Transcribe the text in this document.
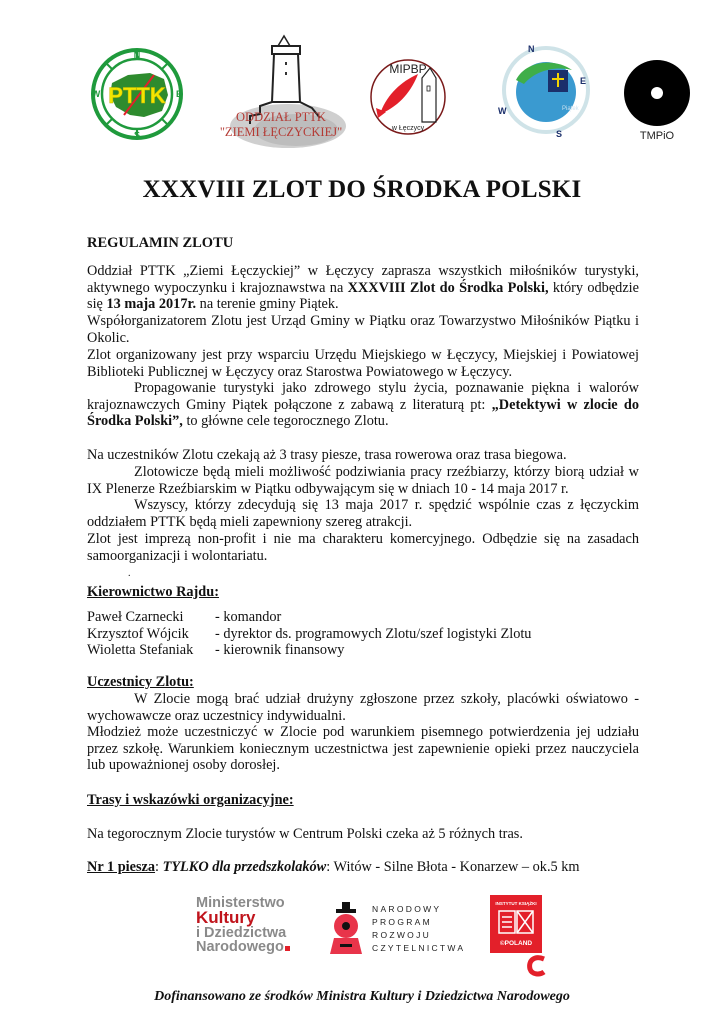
PTTK
N
E
S
W
ODDZIAŁ PTTK
"ZIEMI ŁĘCZYCKIEJ"
MIPBP
w Łęczycy
N
E
S
W	Piątek
TMPiO
XXXVIII ZLOT DO ŚRODKA POLSKI
REGULAMIN ZLOTU
Oddział PTTK „Ziemi Łęczyckiej” w Łęczycy zaprasza wszystkich miłośników turystyki, aktywnego wypoczynku i krajoznawstwa na XXXVIII Zlot do Środka Polski, który odbędzie się 13 maja 2017r. na terenie gminy Piątek.
Współorganizatorem Zlotu jest Urząd Gminy w Piątku oraz Towarzystwo Miłośników Piątku i Okolic.
Zlot organizowany jest przy wsparciu Urzędu Miejskiego w Łęczycy, Miejskiej i Powiatowej Biblioteki Publicznej w Łęczycy oraz Starostwa Powiatowego w Łęczycy.
Propagowanie turystyki jako zdrowego stylu życia, poznawanie piękna i walorów krajoznawczych Gminy Piątek połączone z zabawą z literaturą pt: „Detektywi w zlocie do Środka Polski”, to główne cele tegorocznego Zlotu.
Na uczestników Zlotu czekają aż 3 trasy piesze, trasa rowerowa oraz trasa biegowa.
Zlotowicze będą mieli możliwość podziwiania pracy rzeźbiarzy, którzy biorą udział w IX Plenerze Rzeźbiarskim w Piątku odbywającym się w dniach 10 - 14 maja 2017 r.
Wszyscy, którzy zdecydują się 13 maja 2017 r. spędzić wspólnie czas z łęczyckim oddziałem PTTK będą mieli zapewniony szereg atrakcji.
Zlot jest imprezą non-profit i nie ma charakteru komercyjnego. Odbędzie się na zasadach samoorganizacji i wolontariatu.
.
Kierownictwo Rajdu:
Paweł Czarnecki	- komandor
Krzysztof Wójcik	- dyrektor ds. programowych Zlotu/szef logistyki Zlotu
Wioletta Stefaniak	- kierownik finansowy
Uczestnicy Zlotu:
W Zlocie mogą brać udział drużyny zgłoszone przez szkoły, placówki oświatowo -wychowawcze oraz uczestnicy indywidualni.
Młodzież może uczestniczyć w Zlocie pod warunkiem pisemnego potwierdzenia jej udziału przez szkołę. Warunkiem koniecznym uczestnictwa jest zapewnienie opieki przez nauczyciela lub upoważnionej osoby dorosłej.
Trasy i wskazówki organizacyjne:
Na tegorocznym Zlocie turystów w Centrum Polski czeka aż 5 różnych tras.
Nr 1 piesza: TYLKO dla przedszkolaków: Witów - Silne Błota - Konarzew – ok.5 km
Ministerstwo
Kultury
i Dziedzictwa
Narodowego
NARODOWY
PROGRAM
ROZWOJU
CZYTELNICTWA
INSTYTUT KSIĄŻKI
©POLAND
Dofinansowano ze środków Ministra Kultury i Dziedzictwa Narodowego
